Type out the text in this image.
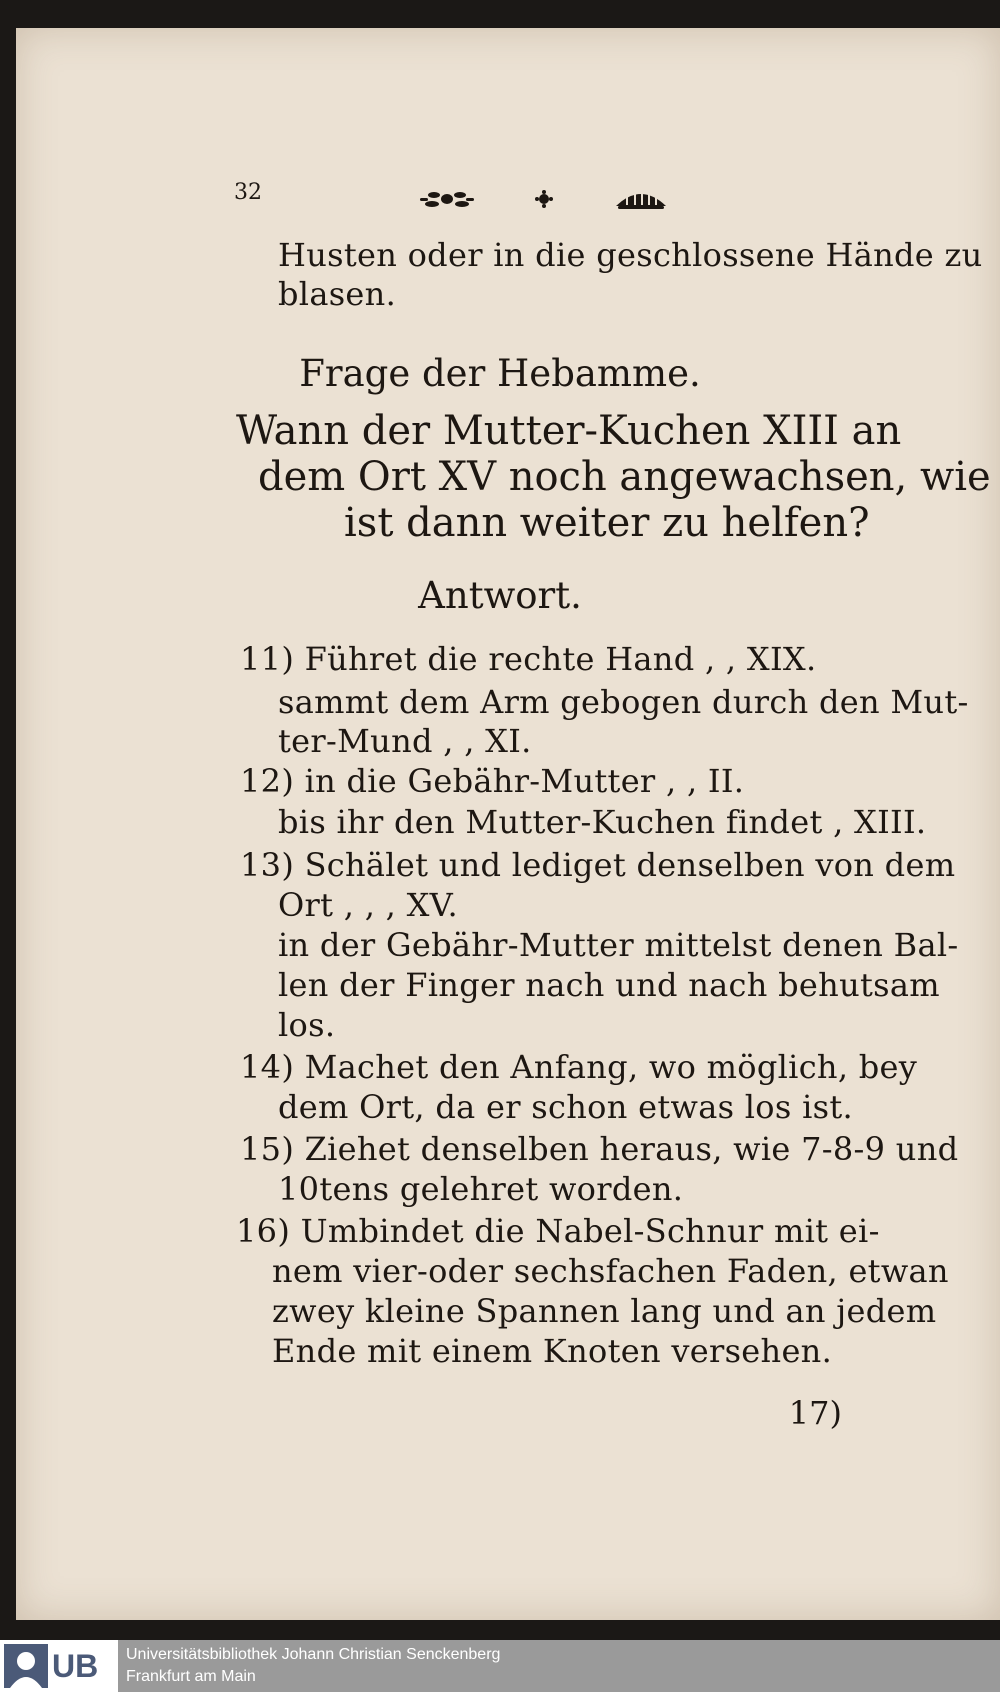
32
Husten oder in die geschlossene Hände zu
blasen.
Frage der Hebamme.
Wann der Mutter-Kuchen XIII an
dem Ort XV noch angewachsen, wie
ist dann weiter zu helfen?
Antwort.
11) Führet die rechte Hand , , XIX.
sammt dem Arm gebogen durch den Mut-
ter-Mund , , XI.
12) in die Gebähr-Mutter , , II.
bis ihr den Mutter-Kuchen findet , XIII.
13) Schälet und lediget denselben von dem
Ort , , , XV.
in der Gebähr-Mutter mittelst denen Bal-
len der Finger nach und nach behutsam
los.
14) Machet den Anfang, wo möglich, bey
dem Ort, da er schon etwas los ist.
15) Ziehet denselben heraus, wie 7-8-9 und
10tens gelehret worden.
16) Umbindet die Nabel-Schnur mit ei-
nem vier-oder sechsfachen Faden, etwan
zwey kleine Spannen lang und an jedem
Ende mit einem Knoten versehen.
17)
UB Universitätsbibliothek Johann Christian Senckenberg
Frankfurt am Main
